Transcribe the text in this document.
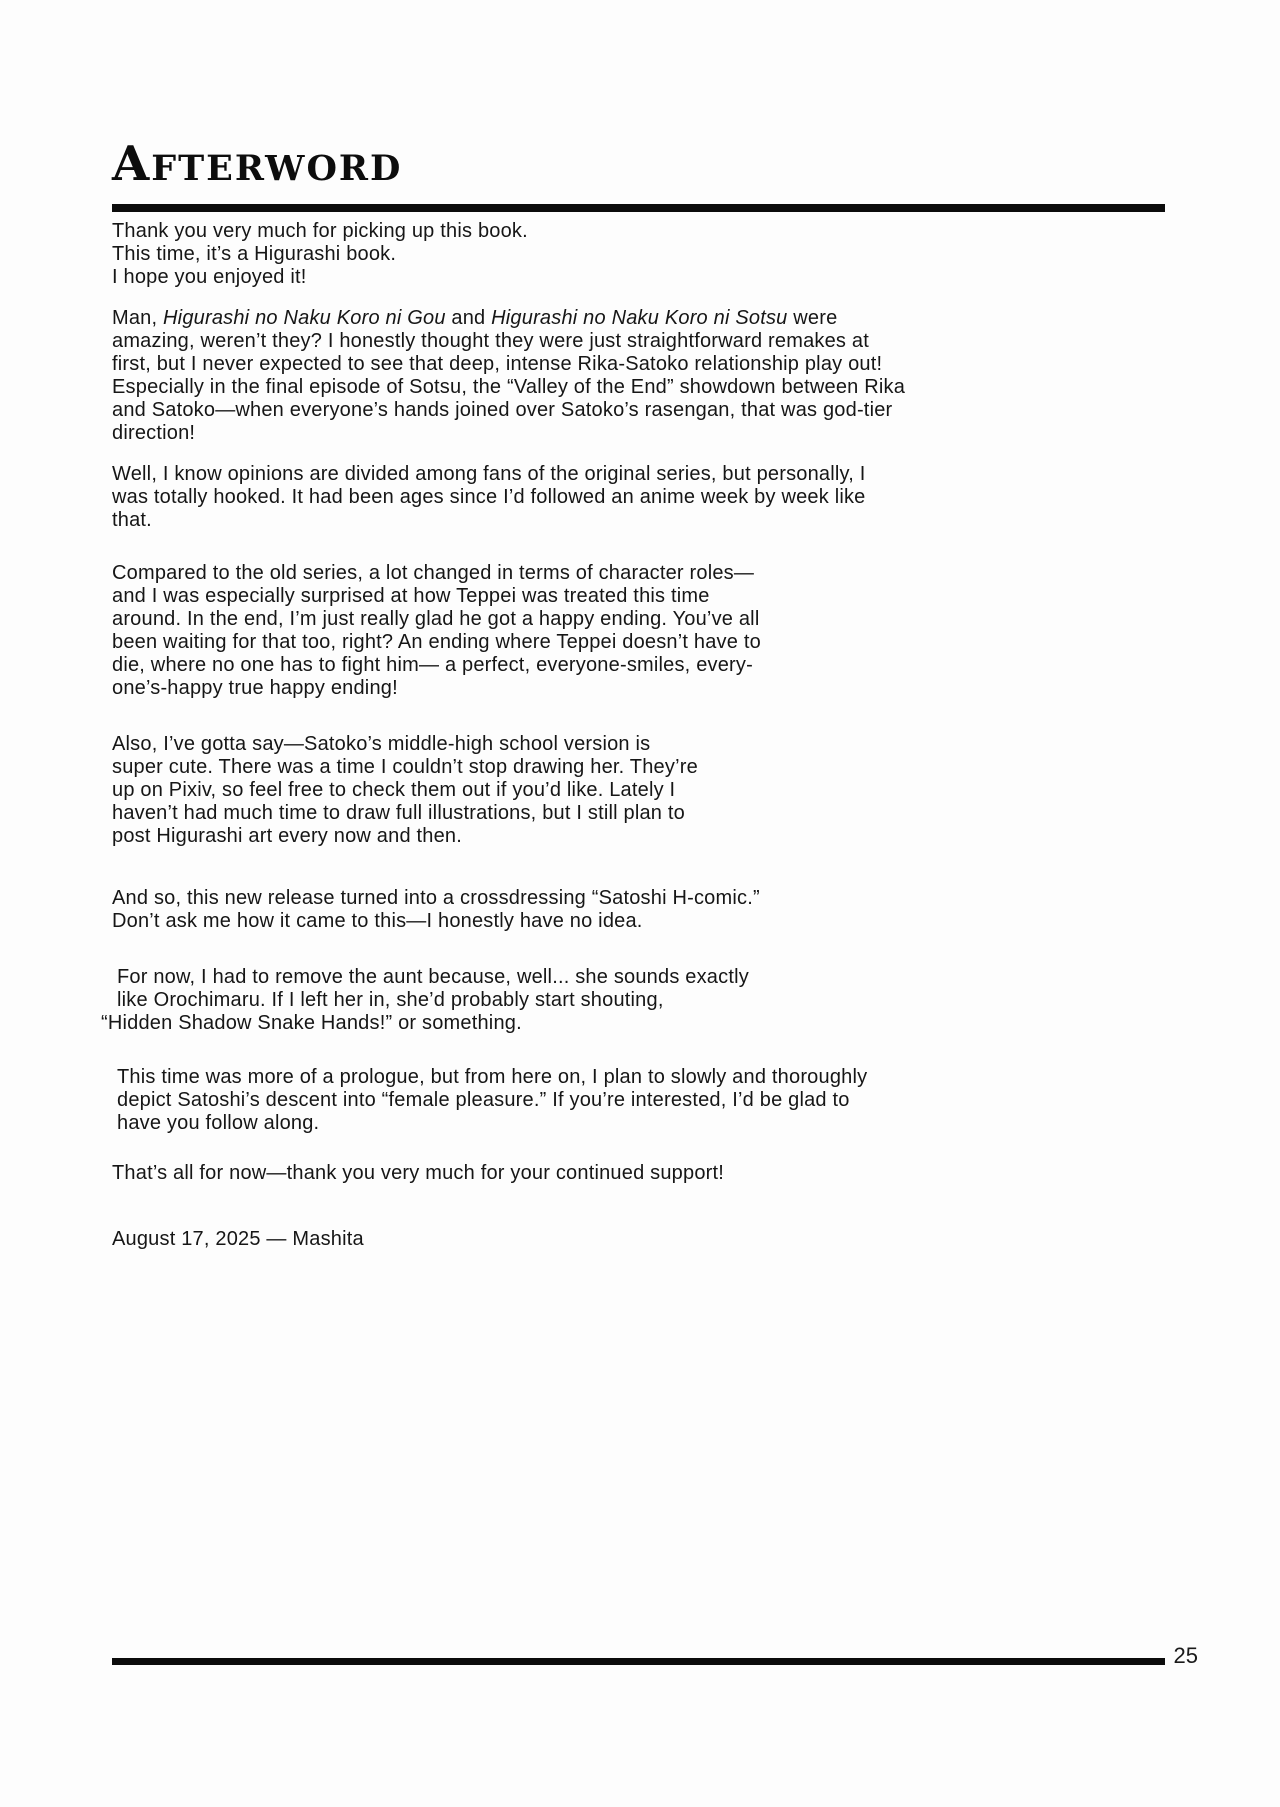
AFTERWORD
Thank you very much for picking up this book.
This time, it’s a Higurashi book.
I hope you enjoyed it!
Man, Higurashi no Naku Koro ni Gou and Higurashi no Naku Koro ni Sotsu were
amazing, weren’t they? I honestly thought they were just straightforward remakes at
first, but I never expected to see that deep, intense Rika-Satoko relationship play out!
Especially in the final episode of Sotsu, the “Valley of the End” showdown between Rika
and Satoko—when everyone’s hands joined over Satoko’s rasengan, that was god-tier
direction!
Well, I know opinions are divided among fans of the original series, but personally, I
was totally hooked. It had been ages since I’d followed an anime week by week like
that.
Compared to the old series, a lot changed in terms of character roles—
and I was especially surprised at how Teppei was treated this time
around. In the end, I’m just really glad he got a happy ending. You’ve all
been waiting for that too, right? An ending where Teppei doesn’t have to
die, where no one has to fight him— a perfect, everyone-smiles, every-
one’s-happy true happy ending!
Also, I’ve gotta say—Satoko’s middle-high school version is
super cute. There was a time I couldn’t stop drawing her. They’re
up on Pixiv, so feel free to check them out if you’d like. Lately I
haven’t had much time to draw full illustrations, but I still plan to
post Higurashi art every now and then.
And so, this new release turned into a crossdressing “Satoshi H-comic.”
Don’t ask me how it came to this—I honestly have no idea.
For now, I had to remove the aunt because, well... she sounds exactly
like Orochimaru. If I left her in, she’d probably start shouting,
“Hidden Shadow Snake Hands!” or something.
This time was more of a prologue, but from here on, I plan to slowly and thoroughly
depict Satoshi’s descent into “female pleasure.” If you’re interested, I’d be glad to
have you follow along.
That’s all for now—thank you very much for your continued support!
August 17, 2025 — Mashita
25
